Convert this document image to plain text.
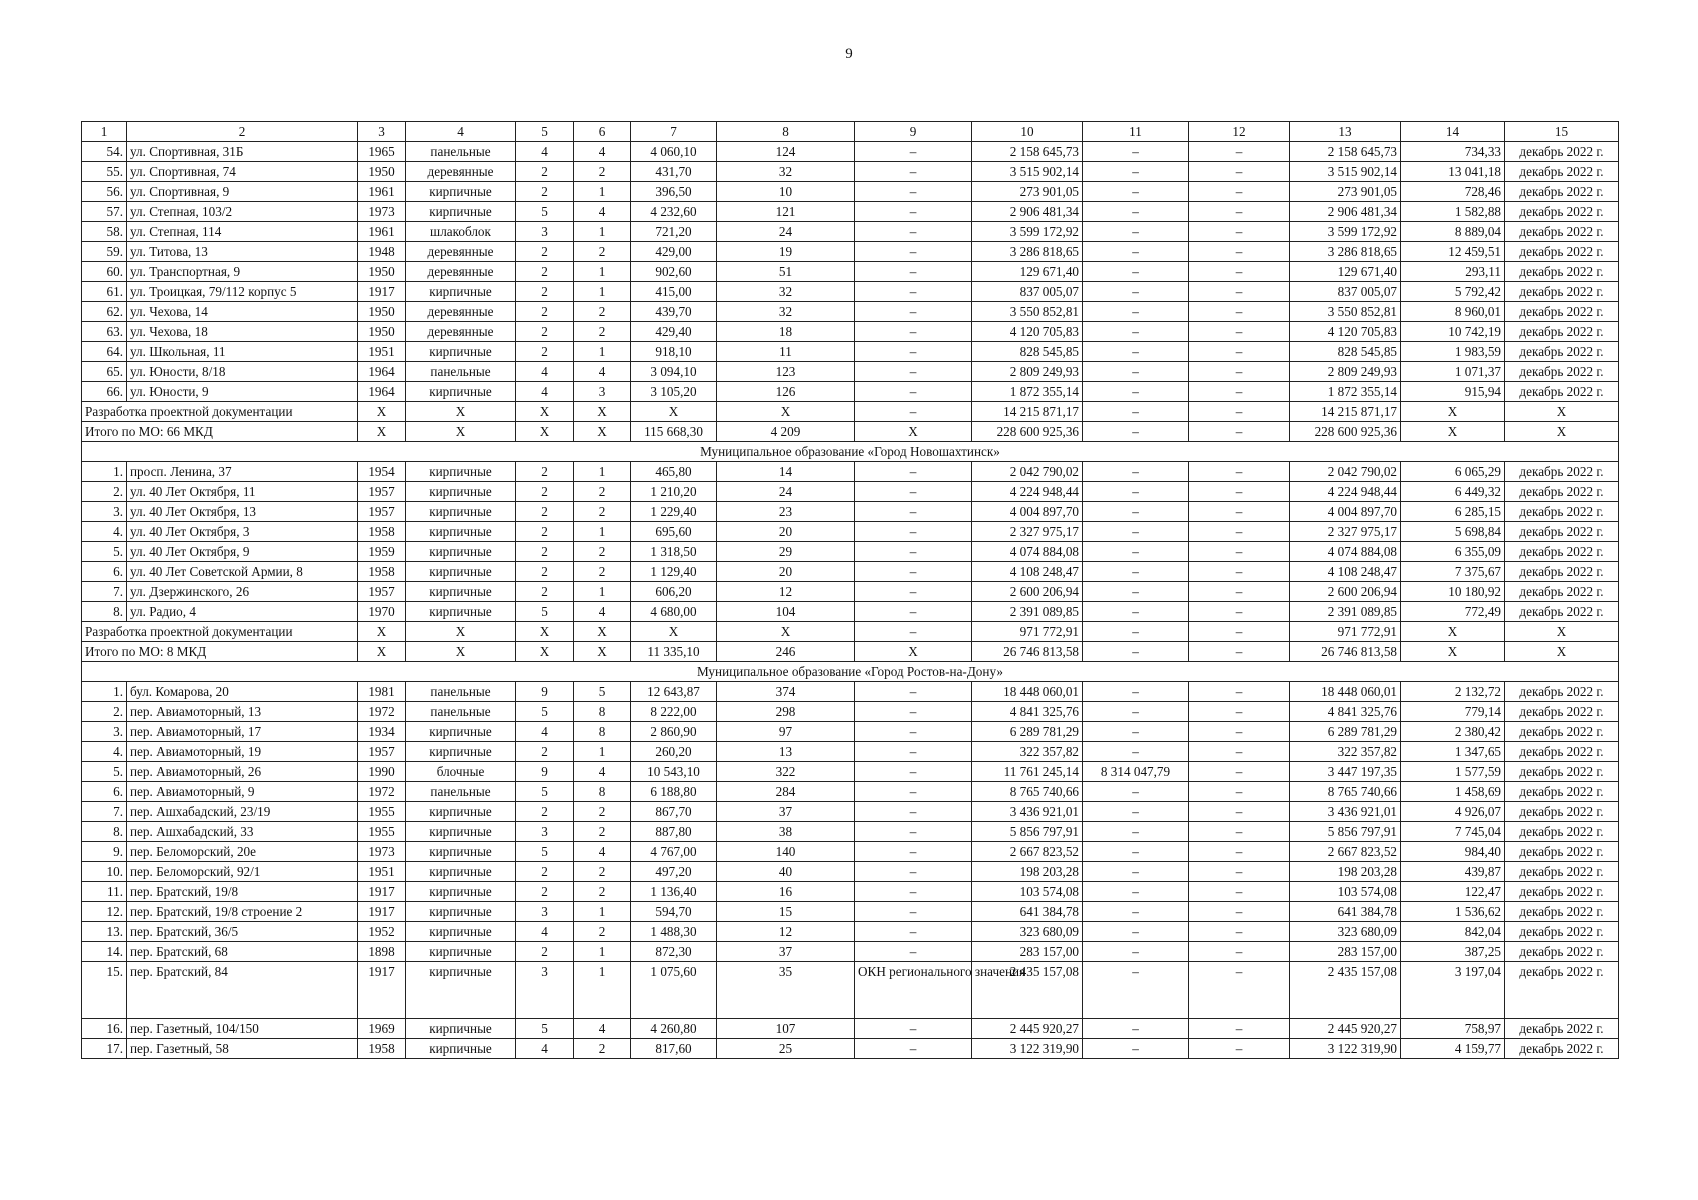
9
1	2	3	4	5	6	7	8	9	10	11	12	13	14	15
54.	ул. Спортивная, 31Б	1965	панельные	4	4	4 060,10	124	–	2 158 645,73	–	–	2 158 645,73	734,33	декабрь 2022 г.
55.	ул. Спортивная, 74	1950	деревянные	2	2	431,70	32	–	3 515 902,14	–	–	3 515 902,14	13 041,18	декабрь 2022 г.
56.	ул. Спортивная, 9	1961	кирпичные	2	1	396,50	10	–	273 901,05	–	–	273 901,05	728,46	декабрь 2022 г.
57.	ул. Степная, 103/2	1973	кирпичные	5	4	4 232,60	121	–	2 906 481,34	–	–	2 906 481,34	1 582,88	декабрь 2022 г.
58.	ул. Степная, 114	1961	шлакоблок	3	1	721,20	24	–	3 599 172,92	–	–	3 599 172,92	8 889,04	декабрь 2022 г.
59.	ул. Титова, 13	1948	деревянные	2	2	429,00	19	–	3 286 818,65	–	–	3 286 818,65	12 459,51	декабрь 2022 г.
60.	ул. Транспортная, 9	1950	деревянные	2	1	902,60	51	–	129 671,40	–	–	129 671,40	293,11	декабрь 2022 г.
61.	ул. Троицкая, 79/112 корпус 5	1917	кирпичные	2	1	415,00	32	–	837 005,07	–	–	837 005,07	5 792,42	декабрь 2022 г.
62.	ул. Чехова, 14	1950	деревянные	2	2	439,70	32	–	3 550 852,81	–	–	3 550 852,81	8 960,01	декабрь 2022 г.
63.	ул. Чехова, 18	1950	деревянные	2	2	429,40	18	–	4 120 705,83	–	–	4 120 705,83	10 742,19	декабрь 2022 г.
64.	ул. Школьная, 11	1951	кирпичные	2	1	918,10	11	–	828 545,85	–	–	828 545,85	1 983,59	декабрь 2022 г.
65.	ул. Юности, 8/18	1964	панельные	4	4	3 094,10	123	–	2 809 249,93	–	–	2 809 249,93	1 071,37	декабрь 2022 г.
66.	ул. Юности, 9	1964	кирпичные	4	3	3 105,20	126	–	1 872 355,14	–	–	1 872 355,14	915,94	декабрь 2022 г.
Разработка проектной документации		Х	Х	Х	Х	Х	Х	–	14 215 871,17	–	–	14 215 871,17	Х	Х
Итого по МО: 66 МКД		Х	Х	Х	Х	115 668,30	4 209	Х	228 600 925,36	–	–	228 600 925,36	Х	Х
Муниципальное образование «Город Новошахтинск»														
1.	просп. Ленина, 37	1954	кирпичные	2	1	465,80	14	–	2 042 790,02	–	–	2 042 790,02	6 065,29	декабрь 2022 г.
2.	ул. 40 Лет Октября, 11	1957	кирпичные	2	2	1 210,20	24	–	4 224 948,44	–	–	4 224 948,44	6 449,32	декабрь 2022 г.
3.	ул. 40 Лет Октября, 13	1957	кирпичные	2	2	1 229,40	23	–	4 004 897,70	–	–	4 004 897,70	6 285,15	декабрь 2022 г.
4.	ул. 40 Лет Октября, 3	1958	кирпичные	2	1	695,60	20	–	2 327 975,17	–	–	2 327 975,17	5 698,84	декабрь 2022 г.
5.	ул. 40 Лет Октября, 9	1959	кирпичные	2	2	1 318,50	29	–	4 074 884,08	–	–	4 074 884,08	6 355,09	декабрь 2022 г.
6.	ул. 40 Лет Советской Армии, 8	1958	кирпичные	2	2	1 129,40	20	–	4 108 248,47	–	–	4 108 248,47	7 375,67	декабрь 2022 г.
7.	ул. Дзержинского, 26	1957	кирпичные	2	1	606,20	12	–	2 600 206,94	–	–	2 600 206,94	10 180,92	декабрь 2022 г.
8.	ул. Радио, 4	1970	кирпичные	5	4	4 680,00	104	–	2 391 089,85	–	–	2 391 089,85	772,49	декабрь 2022 г.
Разработка проектной документации		Х	Х	Х	Х	Х	Х	–	971 772,91	–	–	971 772,91	Х	Х
Итого по МО: 8 МКД		Х	Х	Х	Х	11 335,10	246	Х	26 746 813,58	–	–	26 746 813,58	Х	Х
Муниципальное образование «Город Ростов-на-Дону»														
1.	бул. Комарова, 20	1981	панельные	9	5	12 643,87	374	–	18 448 060,01	–	–	18 448 060,01	2 132,72	декабрь 2022 г.
2.	пер. Авиамоторный, 13	1972	панельные	5	8	8 222,00	298	–	4 841 325,76	–	–	4 841 325,76	779,14	декабрь 2022 г.
3.	пер. Авиамоторный, 17	1934	кирпичные	4	8	2 860,90	97	–	6 289 781,29	–	–	6 289 781,29	2 380,42	декабрь 2022 г.
4.	пер. Авиамоторный, 19	1957	кирпичные	2	1	260,20	13	–	322 357,82	–	–	322 357,82	1 347,65	декабрь 2022 г.
5.	пер. Авиамоторный, 26	1990	блочные	9	4	10 543,10	322	–	11 761 245,14	8 314 047,79	–	3 447 197,35	1 577,59	декабрь 2022 г.
6.	пер. Авиамоторный, 9	1972	панельные	5	8	6 188,80	284	–	8 765 740,66	–	–	8 765 740,66	1 458,69	декабрь 2022 г.
7.	пер. Ашхабадский, 23/19	1955	кирпичные	2	2	867,70	37	–	3 436 921,01	–	–	3 436 921,01	4 926,07	декабрь 2022 г.
8.	пер. Ашхабадский, 33	1955	кирпичные	3	2	887,80	38	–	5 856 797,91	–	–	5 856 797,91	7 745,04	декабрь 2022 г.
9.	пер. Беломорский, 20е	1973	кирпичные	5	4	4 767,00	140	–	2 667 823,52	–	–	2 667 823,52	984,40	декабрь 2022 г.
10.	пер. Беломорский, 92/1	1951	кирпичные	2	2	497,20	40	–	198 203,28	–	–	198 203,28	439,87	декабрь 2022 г.
11.	пер. Братский, 19/8	1917	кирпичные	2	2	1 136,40	16	–	103 574,08	–	–	103 574,08	122,47	декабрь 2022 г.
12.	пер. Братский, 19/8 строение 2	1917	кирпичные	3	1	594,70	15	–	641 384,78	–	–	641 384,78	1 536,62	декабрь 2022 г.
13.	пер. Братский, 36/5	1952	кирпичные	4	2	1 488,30	12	–	323 680,09	–	–	323 680,09	842,04	декабрь 2022 г.
14.	пер. Братский, 68	1898	кирпичные	2	1	872,30	37	–	283 157,00	–	–	283 157,00	387,25	декабрь 2022 г.
15.	пер. Братский, 84	1917	кирпичные	3	1	1 075,60	35	ОКН регионального значения	2 435 157,08	–	–	2 435 157,08	3 197,04	декабрь 2022 г.
16.	пер. Газетный, 104/150	1969	кирпичные	5	4	4 260,80	107	–	2 445 920,27	–	–	2 445 920,27	758,97	декабрь 2022 г.
17.	пер. Газетный, 58	1958	кирпичные	4	2	817,60	25	–	3 122 319,90	–	–	3 122 319,90	4 159,77	декабрь 2022 г.
